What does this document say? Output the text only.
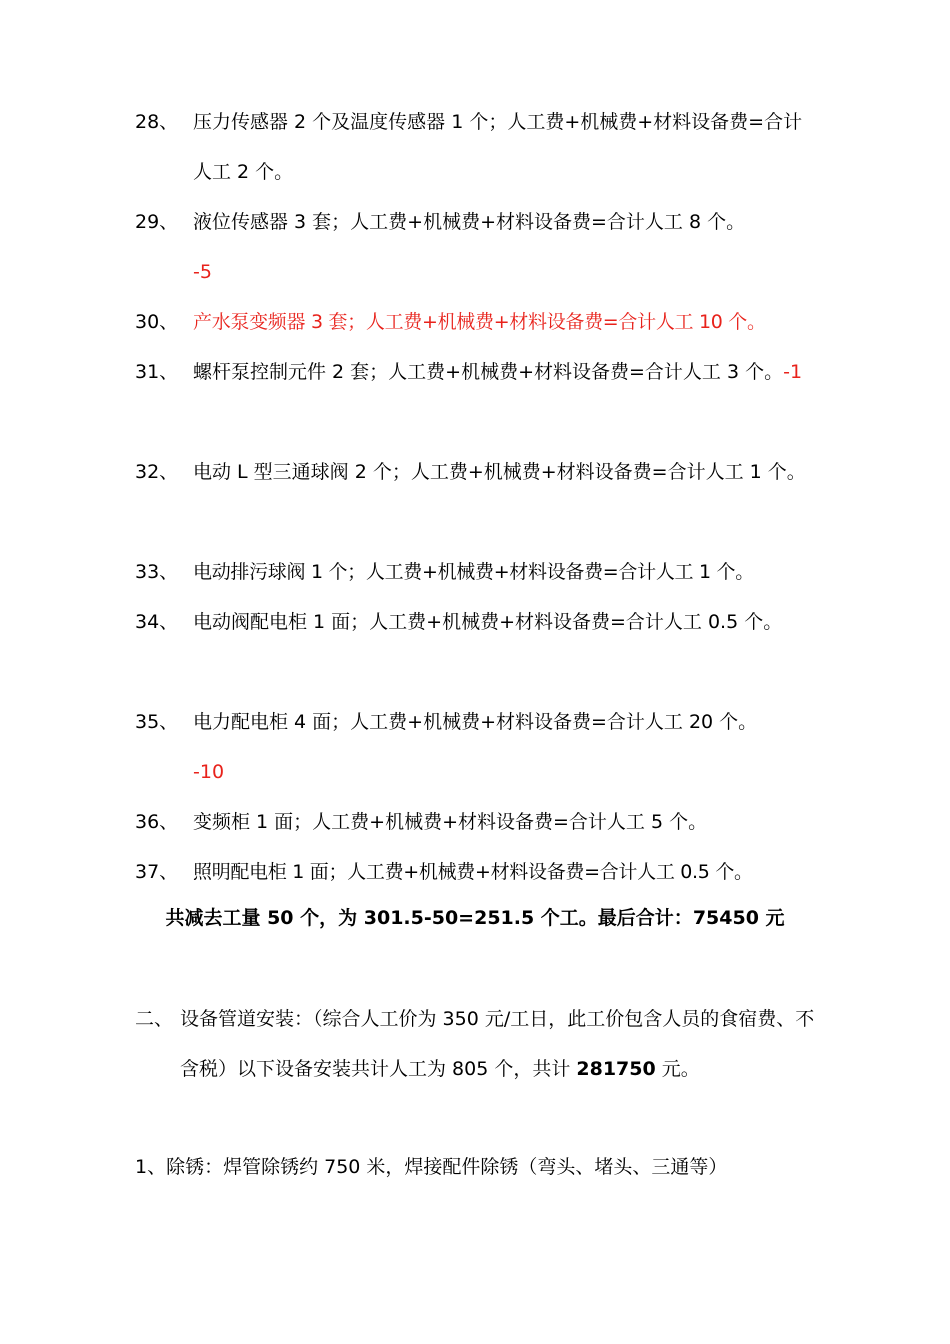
28、 压力传感器 2 个及温度传感器 1 个；人工费+机械费+材料设备费=合计人工 2 个。
29、 液位传感器 3 套；人工费+机械费+材料设备费=合计人工 8 个。
-5
30、 产水泵变频器 3 套；人工费+机械费+材料设备费=合计人工 10 个。
31、 螺杆泵控制元件 2 套；人工费+机械费+材料设备费=合计人工 3 个。-1
32、 电动 L 型三通球阀 2 个；人工费+机械费+材料设备费=合计人工 1 个。
33、 电动排污球阀 1 个；人工费+机械费+材料设备费=合计人工 1 个。
34、 电动阀配电柜 1 面；人工费+机械费+材料设备费=合计人工 0.5 个。
35、 电力配电柜 4 面；人工费+机械费+材料设备费=合计人工 20 个。
-10
36、 变频柜 1 面；人工费+机械费+材料设备费=合计人工 5 个。
37、 照明配电柜 1 面；人工费+机械费+材料设备费=合计人工 0.5 个。
共减去工量 50 个，为 301.5-50=251.5 个工。最后合计：75450 元
二、 设备管道安装：（综合人工价为 350 元/工日，此工价包含人员的食宿费、不含税）以下设备安装共计人工为 805 个，共计 281750 元。
1、除锈：焊管除锈约 750 米，焊接配件除锈（弯头、堵头、三通等）
